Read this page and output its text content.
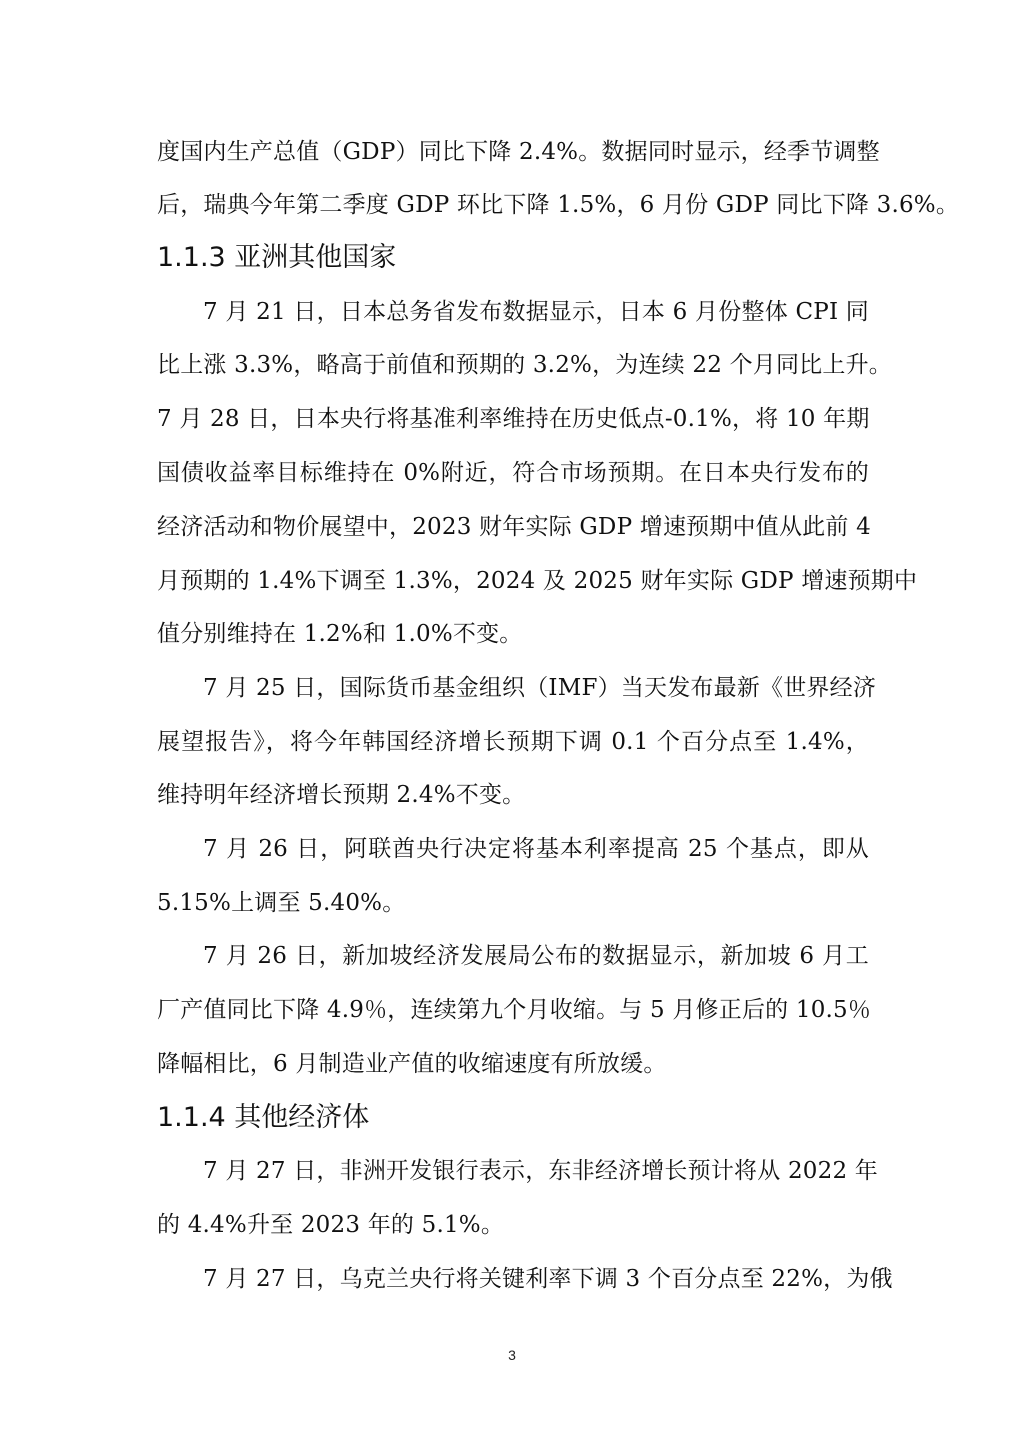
度国内生产总值（GDP）同比下降 2.4%。数据同时显示，经季节调整
后，瑞典今年第二季度 GDP 环比下降 1.5%，6 月份 GDP 同比下降 3.6%。
1.1.3 亚洲其他国家
7 月 21 日，日本总务省发布数据显示，日本 6 月份整体 CPI 同
比上涨 3.3%，略高于前值和预期的 3.2%，为连续 22 个月同比上升。
7 月 28 日，日本央行将基准利率维持在历史低点-0.1%，将 10 年期
国债收益率目标维持在 0%附近，符合市场预期。在日本央行发布的
经济活动和物价展望中，2023 财年实际 GDP 增速预期中值从此前 4
月预期的 1.4%下调至 1.3%，2024 及 2025 财年实际 GDP 增速预期中
值分别维持在 1.2%和 1.0%不变。
7 月 25 日，国际货币基金组织（IMF）当天发布最新《世界经济
展望报告》，将今年韩国经济增长预期下调 0.1 个百分点至 1.4%，
维持明年经济增长预期 2.4%不变。
7 月 26 日，阿联酋央行决定将基本利率提高 25 个基点，即从
5.15%上调至 5.40%。
7 月 26 日，新加坡经济发展局公布的数据显示，新加坡 6 月工
厂产值同比下降 4.9％，连续第九个月收缩。与 5 月修正后的 10.5％
降幅相比，6 月制造业产值的收缩速度有所放缓。
1.1.4 其他经济体
7 月 27 日，非洲开发银行表示，东非经济增长预计将从 2022 年
的 4.4%升至 2023 年的 5.1%。
7 月 27 日，乌克兰央行将关键利率下调 3 个百分点至 22%，为俄
3
